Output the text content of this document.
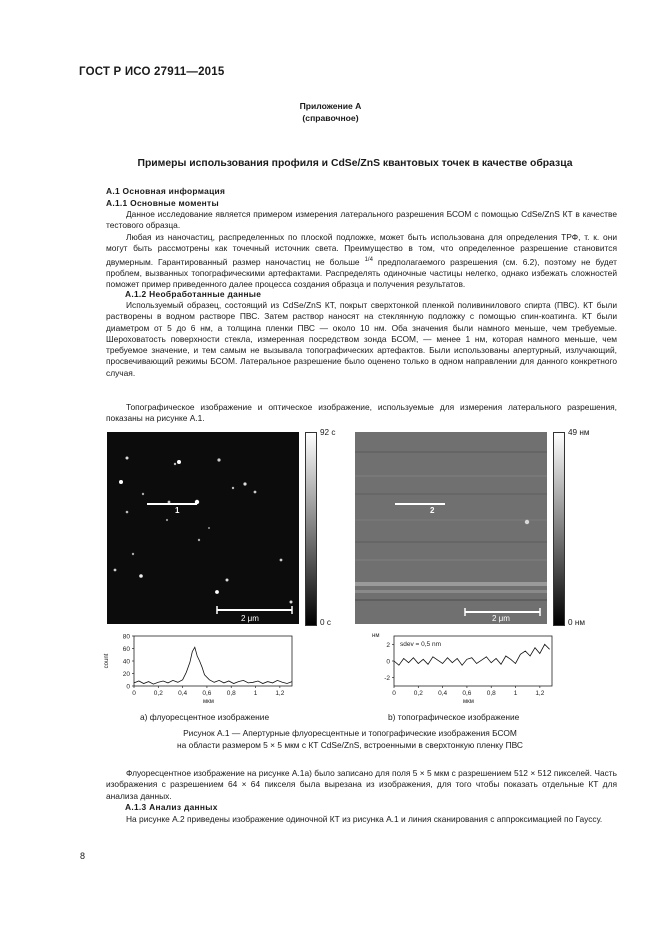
ГОСТ Р ИСО 27911—2015
Приложение А
(справочное)
Примеры использования профиля и CdSe/ZnS квантовых точек в качестве образца
А.1 Основная информация
А.1.1 Основные моменты
Данное исследование является примером измерения латерального разрешения БСОМ с помощью CdSe/ZnS КТ в качестве тестового образца.
Любая из наночастиц, распределенных по плоской подложке, может быть использована для определения ТРФ, т. к. они могут быть рассмотрены как точечный источник света. Преимущество в том, что определенное разрешение становится двумерным. Гарантированный размер наночастиц не больше $^{1/4}$ предполагаемого разрешения (см. 6.2), поэтому не будет проблем, вызванных топографическими артефактами. Распределять одиночные частицы нелегко, однако избежать сложностей поможет пример приведенного далее процесса создания образца и получения результатов.
А.1.2 Необработанные данные
Используемый образец, состоящий из CdSe/ZnS КТ, покрыт сверхтонкой пленкой поливинилового спирта (ПВС). КТ были растворены в водном растворе ПВС. Затем раствор наносят на стеклянную подложку с помощью спин-коатинга. КТ были диаметром от 5 до 6 нм, а толщина пленки ПВС — около 10 нм. Оба значения были намного меньше, чем требуемые. Шероховатость поверхности стекла, измеренная посредством зонда БСОМ, — менее 1 нм, которая намного меньше, чем требуемое значение, и тем самым не вызывала топографических артефактов. Были использованы апертурный, излучающий, просвечивающий режимы БСОМ. Латеральное разрешение было оценено только в одном направлении для данного конкретного случая.
Топографическое изображение и оптическое изображение, используемые для измерения латерального разрешения, показаны на рисунке А.1.
1
2 μm
92 с
0 с
2
2 μm
49 нм
0 нм
0
20
40
60
80
0	0,2 0,4 0,6 0,8	1	1,2
мкм
count
2
0
-2
0	0,2 0,4 0,6 0,8	1	1,2
мкм
нм
sdev = 0,5 nm
а) флуоресцентное изображение	b) топографическое изображение
Рисунок А.1 — Апертурные флуоресцентные и топографические изображения БСОМ
на области размером 5 × 5 мкм с КТ CdSe/ZnS, встроенными в сверхтонкую пленку ПВС
Флуоресцентное изображение на рисунке А.1а) было записано для поля 5 × 5 мкм с разрешением 512 × 512 пикселей. Часть изображения с разрешением 64 × 64 пикселя была вырезана из изображения, для того чтобы показать отдельные КТ для анализа данных.
А.1.3 Анализ данных
На рисунке А.2 приведены изображение одиночной КТ из рисунка А.1 и линия сканирования с аппроксимацией по Гауссу.
8
